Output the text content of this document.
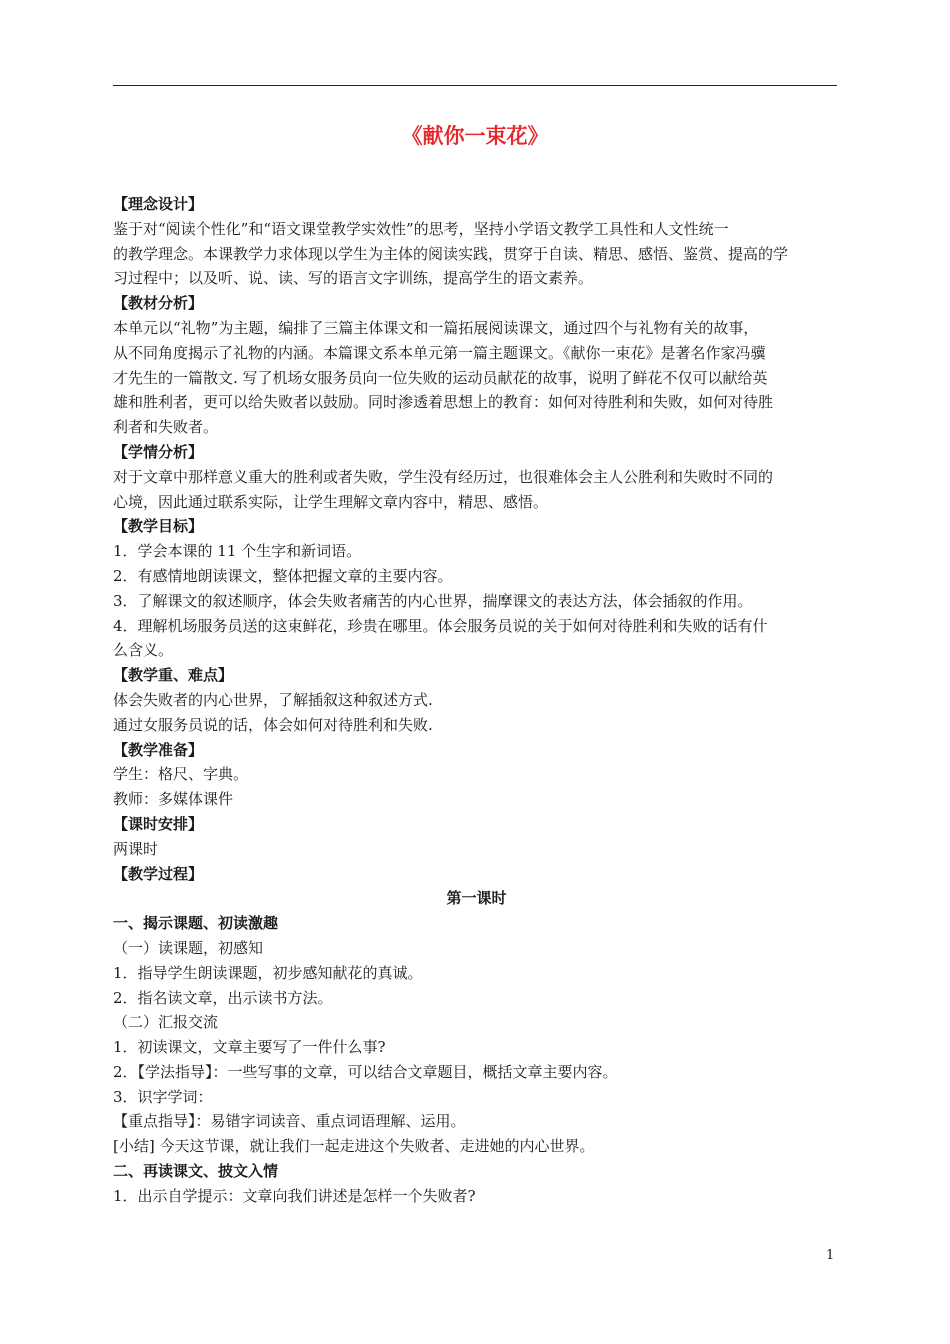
《献你一束花》
【理念设计】
鉴于对“阅读个性化”和“语文课堂教学实效性”的思考，坚持小学语文教学工具性和人文性统一
的教学理念。本课教学力求体现以学生为主体的阅读实践，贯穿于自读、精思、感悟、鉴赏、提高的学
习过程中；以及听、说、读、写的语言文字训练，提高学生的语文素养。
【教材分析】
本单元以“礼物”为主题，编排了三篇主体课文和一篇拓展阅读课文，通过四个与礼物有关的故事，
从不同角度揭示了礼物的内涵。本篇课文系本单元第一篇主题课文。《献你一束花》是著名作家冯骥
才先生的一篇散文. 写了机场女服务员向一位失败的运动员献花的故事，说明了鲜花不仅可以献给英
雄和胜利者，更可以给失败者以鼓励。同时渗透着思想上的教育：如何对待胜利和失败，如何对待胜
利者和失败者。
【学情分析】
对于文章中那样意义重大的胜利或者失败，学生没有经历过，也很难体会主人公胜利和失败时不同的
心境，因此通过联系实际，让学生理解文章内容中，精思、感悟。
【教学目标】
1．学会本课的 11 个生字和新词语。
2．有感情地朗读课文，整体把握文章的主要内容。
3．了解课文的叙述顺序，体会失败者痛苦的内心世界，揣摩课文的表达方法，体会插叙的作用。
4．理解机场服务员送的这束鲜花，珍贵在哪里。体会服务员说的关于如何对待胜利和失败的话有什
么含义。
【教学重、难点】
体会失败者的内心世界，了解插叙这种叙述方式.
通过女服务员说的话，体会如何对待胜利和失败.
【教学准备】
学生：格尺、字典。
教师：多媒体课件
【课时安排】
两课时
【教学过程】
第一课时
一、揭示课题、初读激趣
（一）读课题，初感知
1．指导学生朗读课题，初步感知献花的真诚。
2．指名读文章，出示读书方法。
（二）汇报交流
1．初读课文，文章主要写了一件什么事?
2．【学法指导】：一些写事的文章，可以结合文章题目，概括文章主要内容。
3．识字学词：
【重点指导】：易错字词读音、重点词语理解、运用。
[小结] 今天这节课，就让我们一起走进这个失败者、走进她的内心世界。
二、再读课文、披文入情
1．出示自学提示：文章向我们讲述是怎样一个失败者?
1
